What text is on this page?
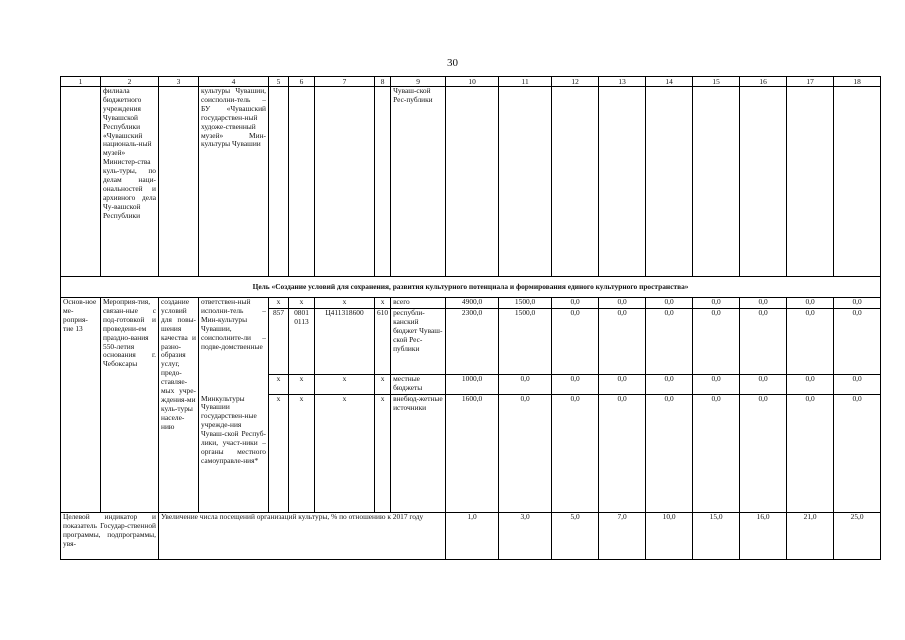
30
1	2	3	4	5	6	7	8	9	10	11	12	13	14	15	16	17	18
	филиала бюджетного учреждения Чувашской Республики «Чувашский националь-ный музей» Министер-ства куль-туры, по делам наци-ональностей и архивного дела Чу-вашской Республики		культуры Чувашии, соисполни-тель – БУ «Чувашский государствен-ный художе-ственный музей» Мин-культуры Чувашии					Чуваш-ской Рес-публики									
Цель «Создание условий для сохранения, развития культурного потенциала и формирования единого культурного пространства»																	
Основ-ное ме-роприя-тие 13	Мероприя-тия, связан-ные с под-готовкой и проведени-ем праздно-вания 550-летия основания г. Чебоксары	создание условий для повы-шения качества и разно-образия услуг, предо-ставляе-мых учре-ждения-ми куль-туры населе-нию	ответствен-ный исполни-тель – Мин-культуры Чувашии, соисполните-ли – подве-домственные	x	x	x	x	всего	4900,0	1500,0	0,0	0,0	0,0	0,0	0,0	0,0	0,0
				857	0801 0113	Ц411318600	610	республи-канский бюджет Чуваш-ской Рес-публики	2300,0	1500,0	0,0	0,0	0,0	0,0	0,0	0,0	0,0
				x	x	x	x	местные бюджеты	1000,0	0,0	0,0	0,0	0,0	0,0	0,0	0,0	0,0
			Минкультуры Чувашии государствен-ные учрежде-ния Чуваш-ской Респуб-лики, участ-ники – органы местного самоуправле-ния*	x	x	x	x	внебюд-жетные источники	1600,0	0,0	0,0	0,0	0,0	0,0	0,0	0,0	0,0
Целевой индикатор и показатель Государ-ственной программы, подпрограммы, увя-		Увеличение числа посещений организаций культуры, % по отношению к 2017 году							1,0	3,0	5,0	7,0	10,0	15,0	16,0	21,0	25,0
